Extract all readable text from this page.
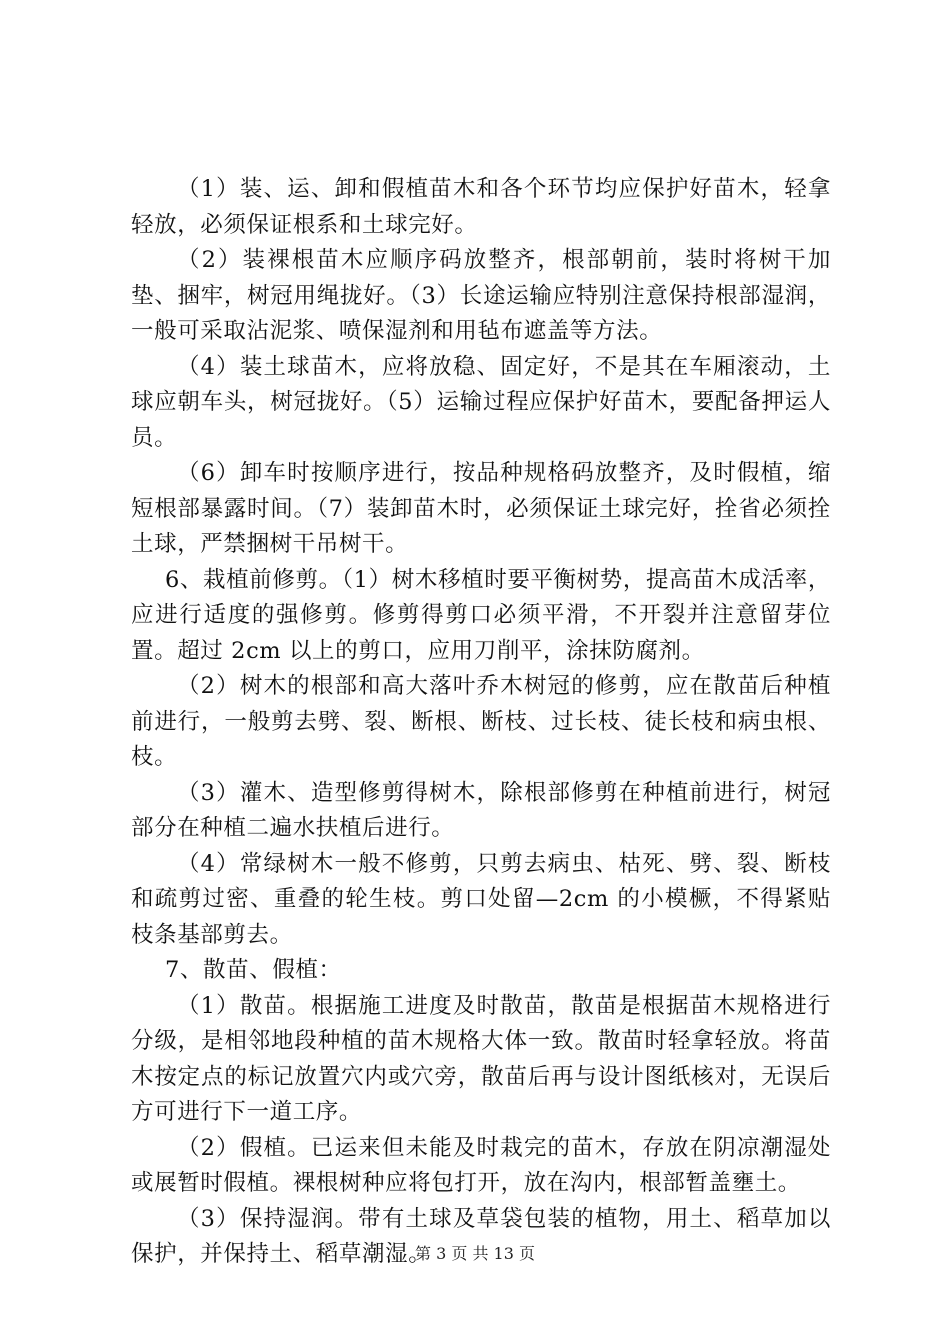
（1）装、运、卸和假植苗木和各个环节均应保护好苗木，轻拿轻放，必须保证根系和土球完好。

（2）装裸根苗木应顺序码放整齐，根部朝前，装时将树干加垫、捆牢，树冠用绳拢好。（3）长途运输应特别注意保持根部湿润，一般可采取沾泥浆、喷保湿剂和用毡布遮盖等方法。

（4）装土球苗木，应将放稳、固定好，不是其在车厢滚动，土球应朝车头，树冠拢好。（5）运输过程应保护好苗木，要配备押运人员。

（6）卸车时按顺序进行，按品种规格码放整齐，及时假植，缩短根部暴露时间。（7）装卸苗木时，必须保证土球完好，拴省必须拴土球，严禁捆树干吊树干。

6、栽植前修剪。（1）树木移植时要平衡树势，提高苗木成活率，应进行适度的强修剪。修剪得剪口必须平滑，不开裂并注意留芽位置。超过 2cm 以上的剪口，应用刀削平，涂抹防腐剂。

（2）树木的根部和高大落叶乔木树冠的修剪，应在散苗后种植前进行，一般剪去劈、裂、断根、断枝、过长枝、徒长枝和病虫根、枝。

（3）灌木、造型修剪得树木，除根部修剪在种植前进行，树冠部分在种植二遍水扶植后进行。

（4）常绿树木一般不修剪，只剪去病虫、枯死、劈、裂、断枝和疏剪过密、重叠的轮生枝。剪口处留—2cm 的小模橛，不得紧贴枝条基部剪去。

7、散苗、假植：

（1）散苗。根据施工进度及时散苗，散苗是根据苗木规格进行分级，是相邻地段种植的苗木规格大体一致。散苗时轻拿轻放。将苗木按定点的标记放置穴内或穴旁，散苗后再与设计图纸核对，无误后方可进行下一道工序。

（2）假植。已运来但未能及时栽完的苗木，存放在阴凉潮湿处或展暂时假植。裸根树种应将包打开，放在沟内，根部暂盖壅土。

（3）保持湿润。带有土球及草袋包装的植物，用土、稻草加以保护，并保持土、稻草潮湿。

第 3 页 共 13 页
